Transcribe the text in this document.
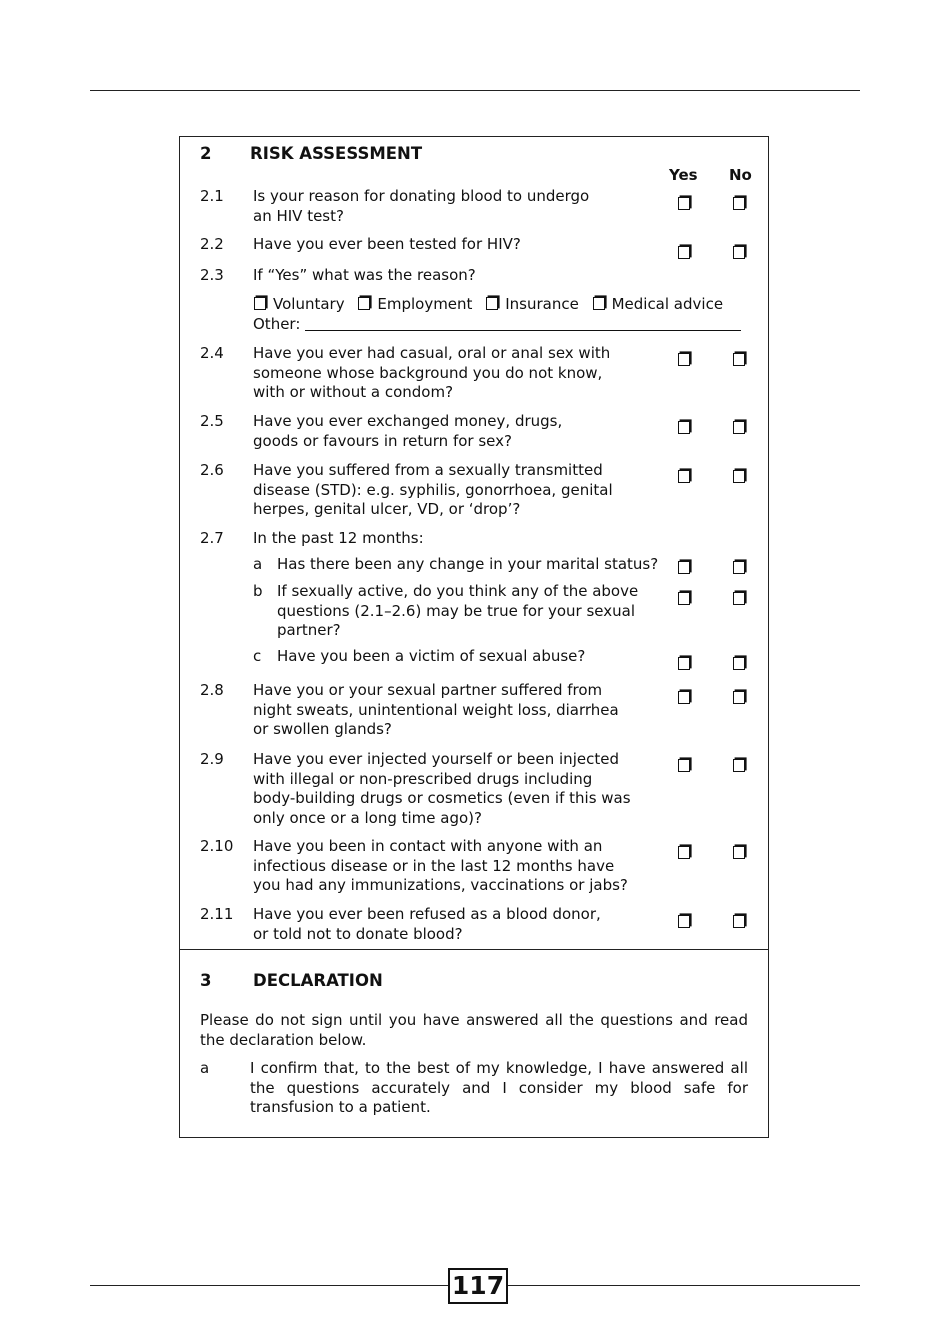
2 RISK ASSESSMENT
Yes No
2.1 Is your reason for donating blood to undergo
an HIV test?
2.2 Have you ever been tested for HIV?
2.3 If “Yes” what was the reason?
Voluntary Employment Insurance Medical advice
Other:
2.4 Have you ever had casual, oral or anal sex with
someone whose background you do not know,
with or without a condom?
2.5 Have you ever exchanged money, drugs,
goods or favours in return for sex?
2.6 Have you suffered from a sexually transmitted
disease (STD): e.g. syphilis, gonorrhoea, genital
herpes, genital ulcer, VD, or ‘drop’?
2.7 In the past 12 months:
a Has there been any change in your marital status?
b If sexually active, do you think any of the above
questions (2.1–2.6) may be true for your sexual
partner?
c Have you been a victim of sexual abuse?
2.8 Have you or your sexual partner suffered from
night sweats, unintentional weight loss, diarrhea
or swollen glands?
2.9 Have you ever injected yourself or been injected
with illegal or non-prescribed drugs including
body-building drugs or cosmetics (even if this was
only once or a long time ago)?
2.10 Have you been in contact with anyone with an
infectious disease or in the last 12 months have
you had any immunizations, vaccinations or jabs?
2.11 Have you ever been refused as a blood donor,
or told not to donate blood?
3	DECLARATION
Please do not sign until you have answered all the questions and read the declaration below.
a	I confirm that, to the best of my knowledge, I have answered all the questions accurately and I consider my blood safe for transfusion to a patient.
117
